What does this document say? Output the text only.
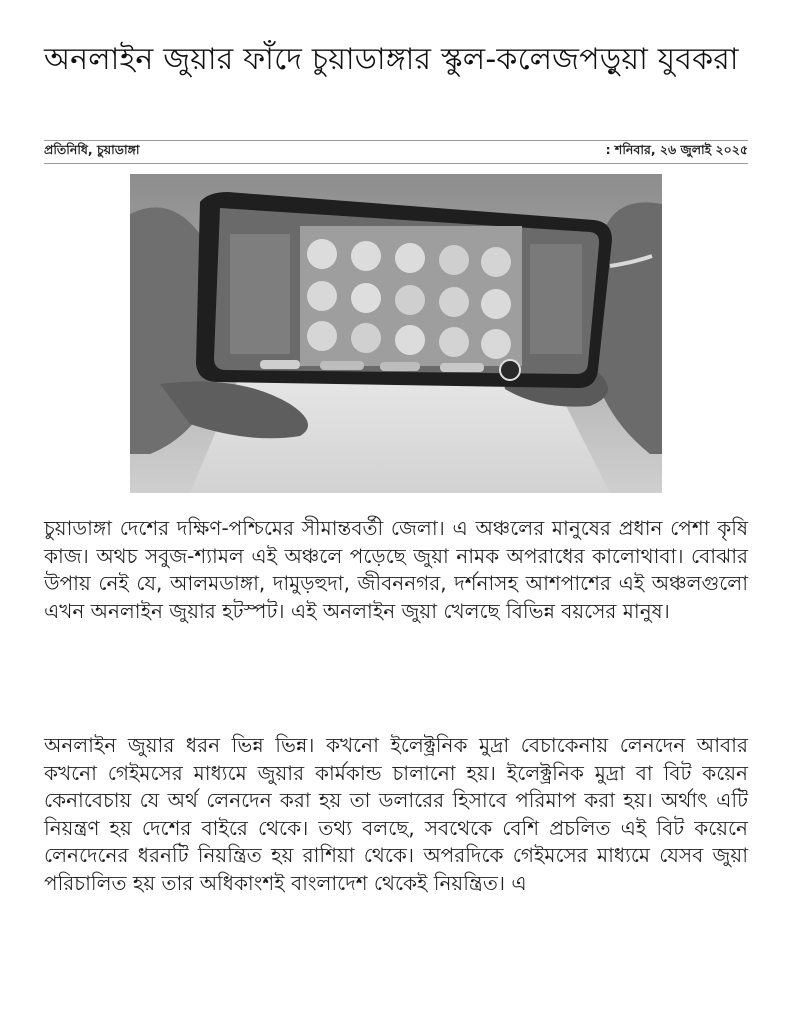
অনলাইন জুয়ার ফাঁদে চুয়াডাঙ্গার স্কুল-কলেজপড়ুয়া যুবকরা
প্রতিনিধি, চুয়াডাঙ্গা	: শনিবার, ২৬ জুলাই ২০২৫

চুয়াডাঙ্গা দেশের দক্ষিণ-পশ্চিমের সীমান্তবর্তী জেলা। এ অঞ্চলের মানুষের প্রধান পেশা কৃষি কাজ। অথচ সবুজ-শ্যামল এই অঞ্চলে পড়েছে জুয়া নামক অপরাধের কালোথাবা। বোঝার উপায় নেই যে, আলমডাঙ্গা, দামুড়হুদা, জীবননগর, দর্শনাসহ আশপাশের এই অঞ্চলগুলো এখন অনলাইন জুয়ার হটস্পট। এই অনলাইন জুয়া খেলছে বিভিন্ন বয়সের মানুষ।

অনলাইন জুয়ার ধরন ভিন্ন ভিন্ন। কখনো ইলেক্ট্রনিক মুদ্রা বেচাকেনায় লেনদেন আবার কখনো গেইমসের মাধ্যমে জুয়ার কার্মকান্ড চালানো হয়। ইলেক্ট্রনিক মুদ্রা বা বিট কয়েন কেনাবেচায় যে অর্থ লেনদেন করা হয় তা ডলারের হিসাবে পরিমাপ করা হয়। অর্থাৎ এটি নিয়ন্ত্রণ হয় দেশের বাইরে থেকে। তথ্য বলছে, সবথেকে বেশি প্রচলিত এই বিট কয়েনে লেনদেনের ধরনটি নিয়ন্ত্রিত হয় রাশিয়া থেকে। অপরদিকে গেইমসের মাধ্যমে যেসব জুয়া পরিচালিত হয় তার অধিকাংশই বাংলাদেশ থেকেই নিয়ন্ত্রিত। এ
